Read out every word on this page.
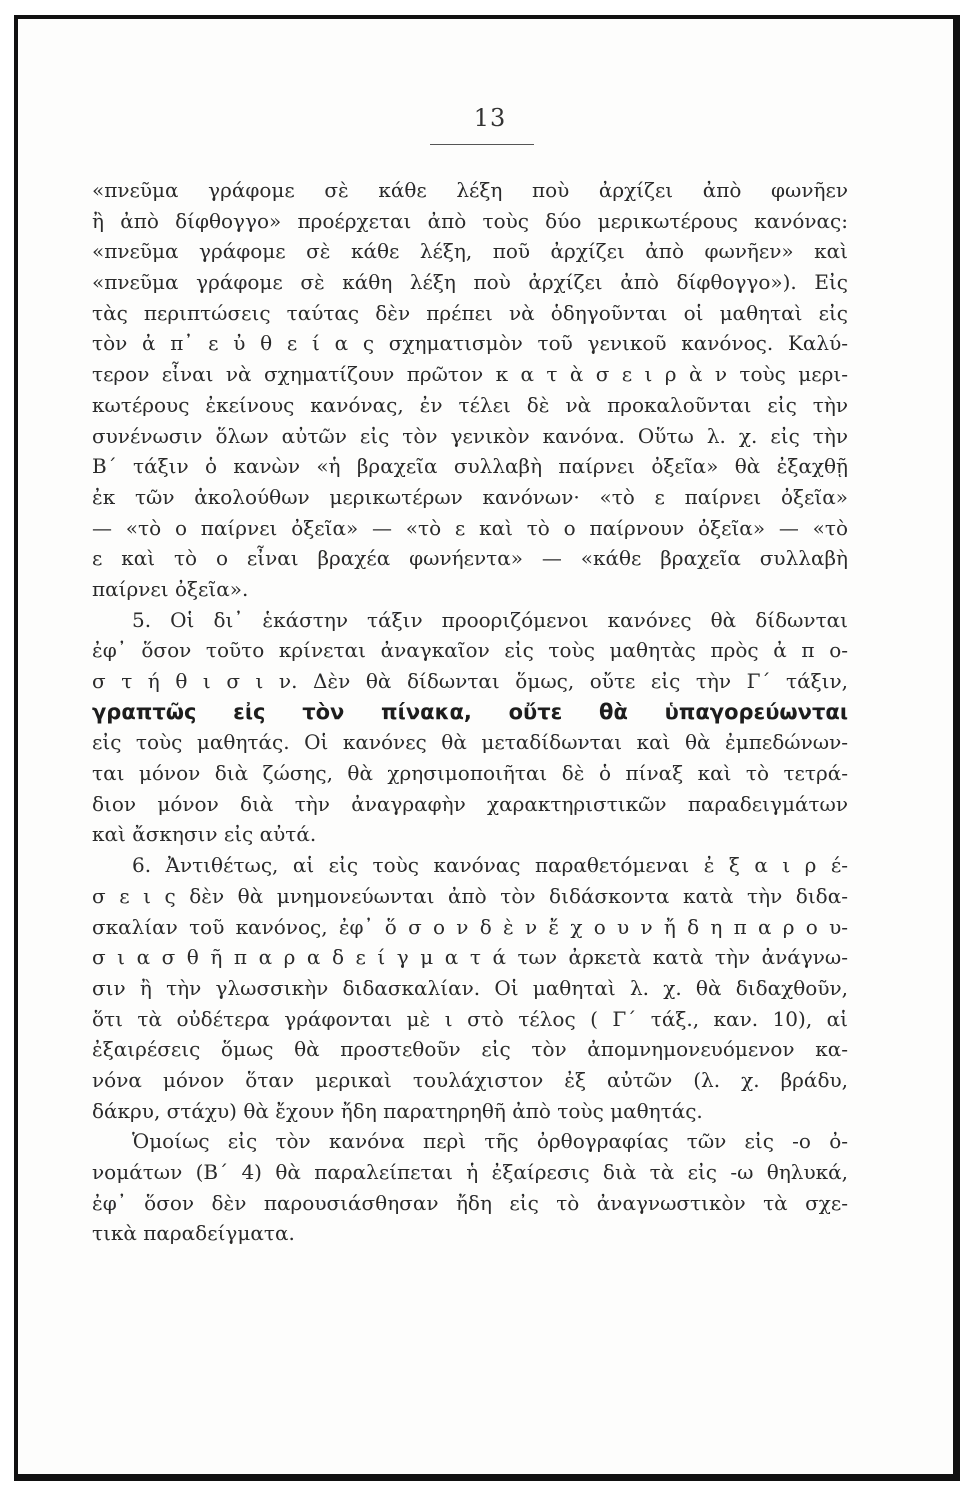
13
«πνεῦμα γράφομε σὲ κάθε λέξη ποὺ ἀρχίζει ἀπὸ φωνῆεν
ἢ ἀπὸ δίφθογγο» προέρχεται ἀπὸ τοὺς δύο μερικωτέρους κανόνας:
«πνεῦμα γράφομε σὲ κάθε λέξη, ποῦ ἀρχίζει ἀπὸ φωνῆεν» καὶ
«πνεῦμα γράφομε σὲ κάθη λέξη ποὺ ἀρχίζει ἀπὸ δίφθογγο»). Εἰς
τὰς περιπτώσεις ταύτας δὲν πρέπει νὰ ὁδηγοῦνται οἱ μαθηταὶ εἰς
τὸν ἀ π᾽ ε ὐ θ ε ί α ς σχηματισμὸν τοῦ γενικοῦ κανόνος. Καλύ-
τερον εἶναι νὰ σχηματίζουν πρῶτον κ α τ ὰ σ ε ι ρ ὰ ν τοὺς μερι-
κωτέρους ἐκείνους κανόνας, ἐν τέλει δὲ νὰ προκαλοῦνται εἰς τὴν
συνένωσιν ὅλων αὐτῶν εἰς τὸν γενικὸν κανόνα. Οὕτω λ. χ. εἰς τὴν
Β΄ τάξιν ὁ κανὼν «ἡ βραχεῖα συλλαβὴ παίρνει ὀξεῖα» θὰ ἐξαχθῇ
ἐκ τῶν ἀκολούθων μερικωτέρων κανόνων· «τὸ ε παίρνει ὀξεῖα»
— «τὸ ο παίρνει ὀξεῖα» — «τὸ ε καὶ τὸ ο παίρνουν ὀξεῖα» — «τὸ
ε καὶ τὸ ο εἶναι βραχέα φωνήεντα» — «κάθε βραχεῖα συλλαβὴ
παίρνει ὀξεῖα».
5. Οἱ δι᾽ ἑκάστην τάξιν προοριζόμενοι κανόνες θὰ δίδωνται
ἐφ᾽ ὅσον τοῦτο κρίνεται ἀναγκαῖον εἰς τοὺς μαθητὰς πρὸς ἀ π ο-
σ τ ή θ ι σ ι ν. Δὲν θὰ δίδωνται ὅμως, οὔτε εἰς τὴν Γ΄ τάξιν,
γραπτῶς εἰς τὸν πίνακα, οὔτε θὰ ὑπαγορεύωνται
εἰς τοὺς μαθητάς. Οἱ κανόνες θὰ μεταδίδωνται καὶ θὰ ἐμπεδώνων-
ται μόνον διὰ ζώσης, θὰ χρησιμοποιῆται δὲ ὁ πίναξ καὶ τὸ τετρά-
διον μόνον διὰ τὴν ἀναγραφὴν χαρακτηριστικῶν παραδειγμάτων
καὶ ἄσκησιν εἰς αὐτά.
6. Ἀντιθέτως, αἱ εἰς τοὺς κανόνας παραθετόμεναι ἐ ξ α ι ρ έ-
σ ε ι ς δὲν θὰ μνημονεύωνται ἀπὸ τὸν διδάσκοντα κατὰ τὴν διδα-
σκαλίαν τοῦ κανόνος, ἐφ᾽ ὅ σ ο ν δ ὲ ν ἔ χ ο υ ν ἤ δ η π α ρ ο υ-
σ ι α σ θ ῆ π α ρ α δ ε ί γ μ α τ ά των ἀρκετὰ κατὰ τὴν ἀνάγνω-
σιν ἢ τὴν γλωσσικὴν διδασκαλίαν. Οἱ μαθηταὶ λ. χ. θὰ διδαχθοῦν,
ὅτι τὰ οὐδέτερα γράφονται μὲ ι στὸ τέλος ( Γ΄ τάξ., καν. 10), αἱ
ἐξαιρέσεις ὅμως θὰ προστεθοῦν εἰς τὸν ἀπομνημονευόμενον κα-
νόνα μόνον ὅταν μερικαὶ τουλάχιστον ἐξ αὐτῶν (λ. χ. βράδυ,
δάκρυ, στάχυ) θὰ ἔχουν ἤδη παρατηρηθῆ ἀπὸ τοὺς μαθητάς.
Ὁμοίως εἰς τὸν κανόνα περὶ τῆς ὀρθογραφίας τῶν εἰς -ο ὀ-
νομάτων (Β΄ 4) θὰ παραλείπεται ἡ ἐξαίρεσις διὰ τὰ εἰς -ω θηλυκά,
ἐφ᾽ ὅσον δὲν παρουσιάσθησαν ἤδη εἰς τὸ ἀναγνωστικὸν τὰ σχε-
τικὰ παραδείγματα.
